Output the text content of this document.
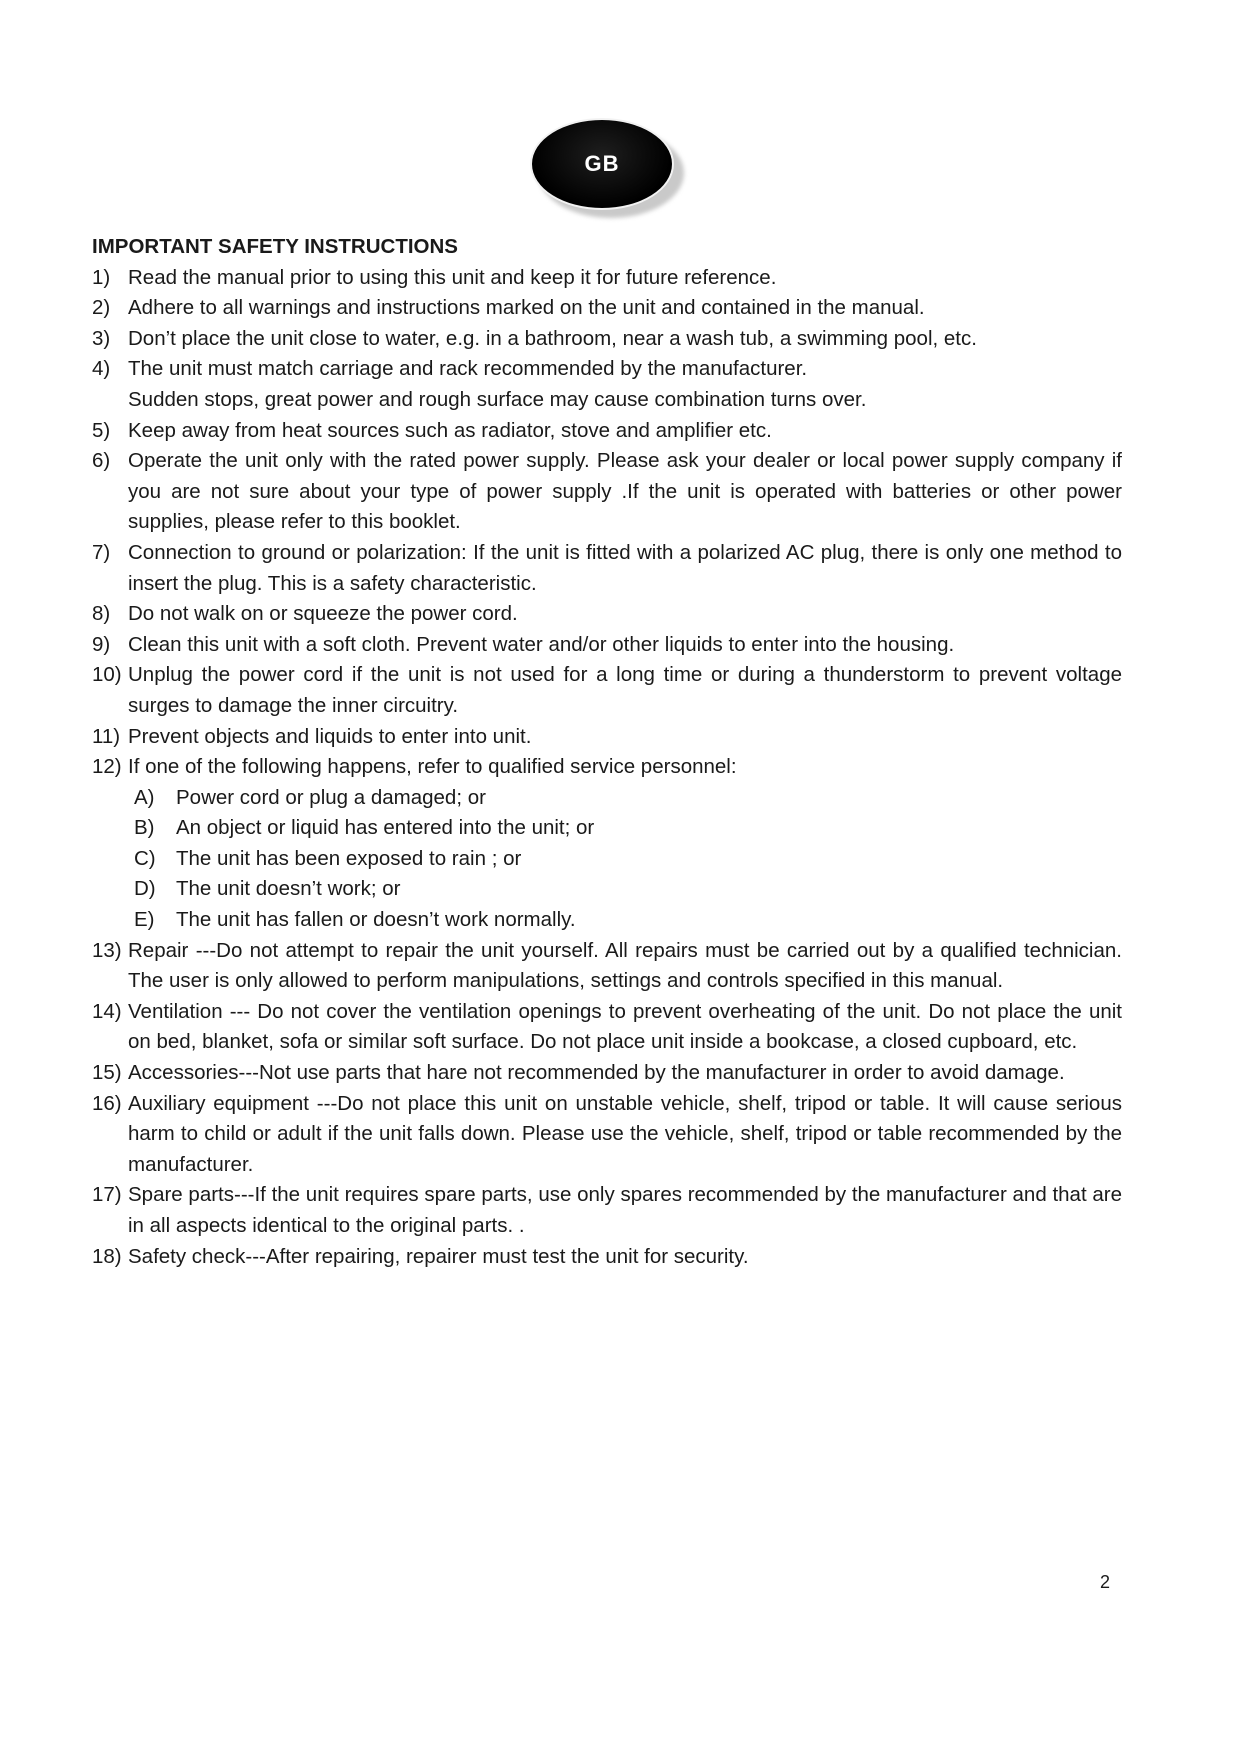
GB
IMPORTANT SAFETY INSTRUCTIONS
1) Read the manual prior to using this unit and keep it for future reference.
2) Adhere to all warnings and instructions marked on the unit and contained in the manual.
3) Don’t place the unit close to water, e.g. in a bathroom, near a wash tub, a swimming pool, etc.
4) The unit must match carriage and rack recommended by the manufacturer.
Sudden stops, great power and rough surface may cause combination turns over.
5) Keep away from heat sources such as radiator, stove and amplifier etc.
6) Operate the unit only with the rated power supply. Please ask your dealer or local power supply company if you are not sure about your type of power supply .If the unit is operated with batteries or other power supplies, please refer to this booklet.
7) Connection to ground or polarization: If the unit is fitted with a polarized AC plug, there is only one method to insert the plug. This is a safety characteristic.
8) Do not walk on or squeeze the power cord.
9) Clean this unit with a soft cloth. Prevent water and/or other liquids to enter into the housing.
10) Unplug the power cord if the unit is not used for a long time or during a thunderstorm to prevent voltage surges to damage the inner circuitry.
11) Prevent objects and liquids to enter into unit.
12) If one of the following happens, refer to qualified service personnel:
A)	Power cord or plug a damaged; or
B)	An object or liquid has entered into the unit; or
C) The unit has been exposed to rain ; or
D) The unit doesn’t work; or
E)	The unit has fallen or doesn’t work normally.
13) Repair ---Do not attempt to repair the unit yourself. All repairs must be carried out by a qualified technician. The user is only allowed to perform manipulations, settings and controls specified in this manual.
14) Ventilation --- Do not cover the ventilation openings to prevent overheating of the unit. Do not place the unit on bed, blanket, sofa or similar soft surface. Do not place unit inside a bookcase, a closed cupboard, etc.
15) Accessories---Not use parts that hare not recommended by the manufacturer in order to avoid damage.
16) Auxiliary equipment ---Do not place this unit on unstable vehicle, shelf, tripod or table. It will cause serious harm to child or adult if the unit falls down. Please use the vehicle, shelf, tripod or table recommended by the manufacturer.
17) Spare parts---If the unit requires spare parts, use only spares recommended by the manufacturer and that are in all aspects identical to the original parts. .
18) Safety check---After repairing, repairer must test the unit for security.
2
